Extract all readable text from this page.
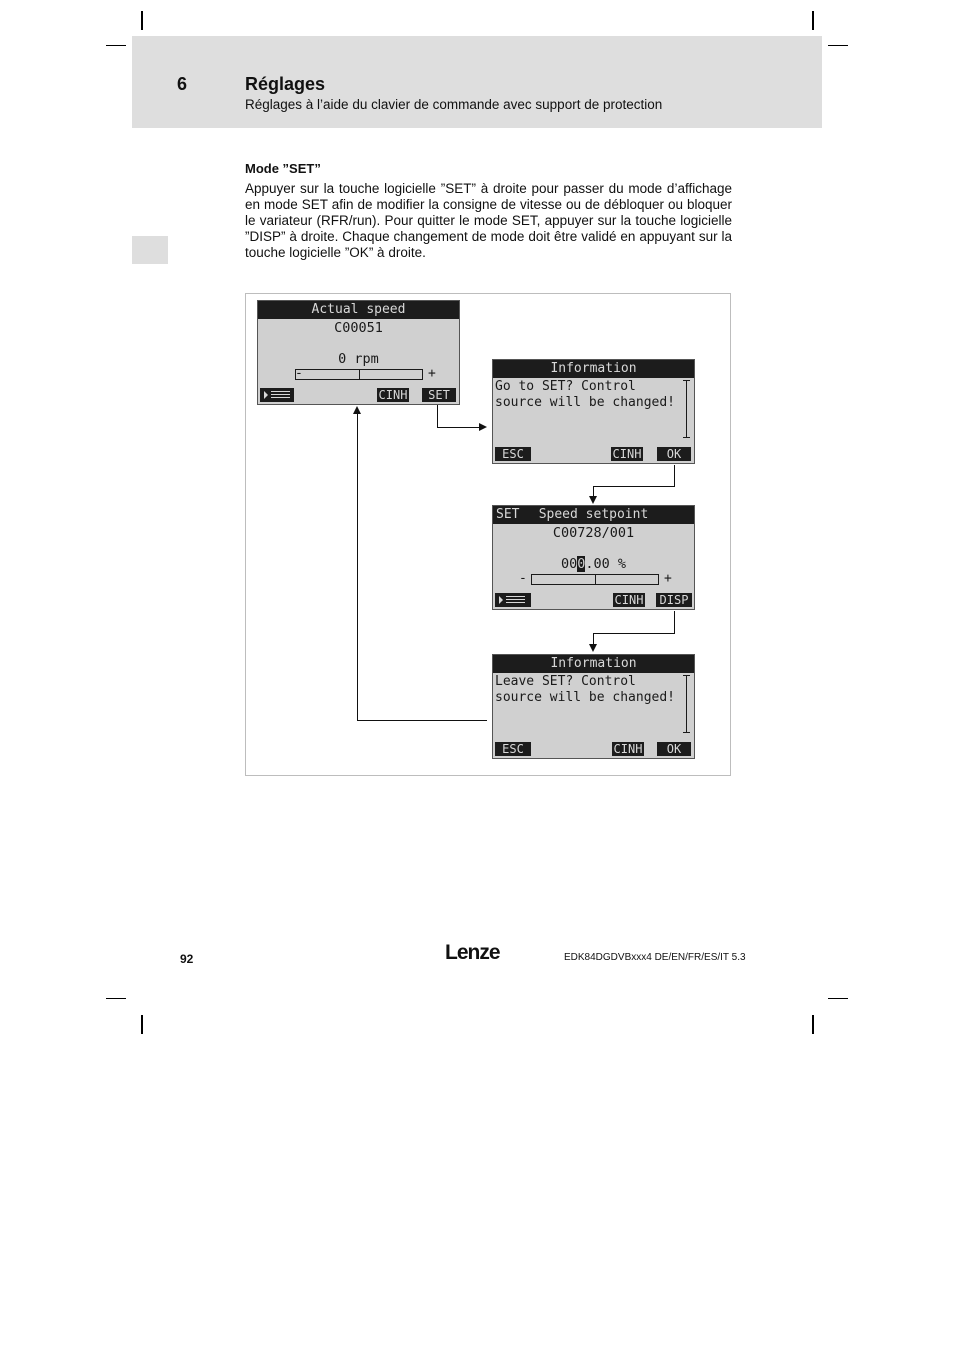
6	Réglages
Réglages à l’aide du clavier de commande avec support de protection
Mode ”SET”

Appuyer sur la touche logicielle ”SET” à droite pour passer du mode d’affichage en mode SET afin de modifier la consigne de vitesse ou de débloquer ou bloquer le variateur (RFR/run). Pour quitter le mode SET, appuyer sur la touche logicielle ”DISP” à droite. Chaque changement de mode doit être validé en appuyant sur la touche logicielle ”OK” à droite.

Actual speed
C00051
0 rpm
-	+
CINH	SET
Information
Go to SET? Control
source will be changed!
ESC	CINH	OK
SET Speed setpoint
C00728/001
000.00 %
-	+
CINH DISP
Information
Leave SET? Control
source will be changed!
ESC	CINH	OK
92	Lenze	EDK84DGDVBxxx4 DE/EN/FR/ES/IT 5.3
